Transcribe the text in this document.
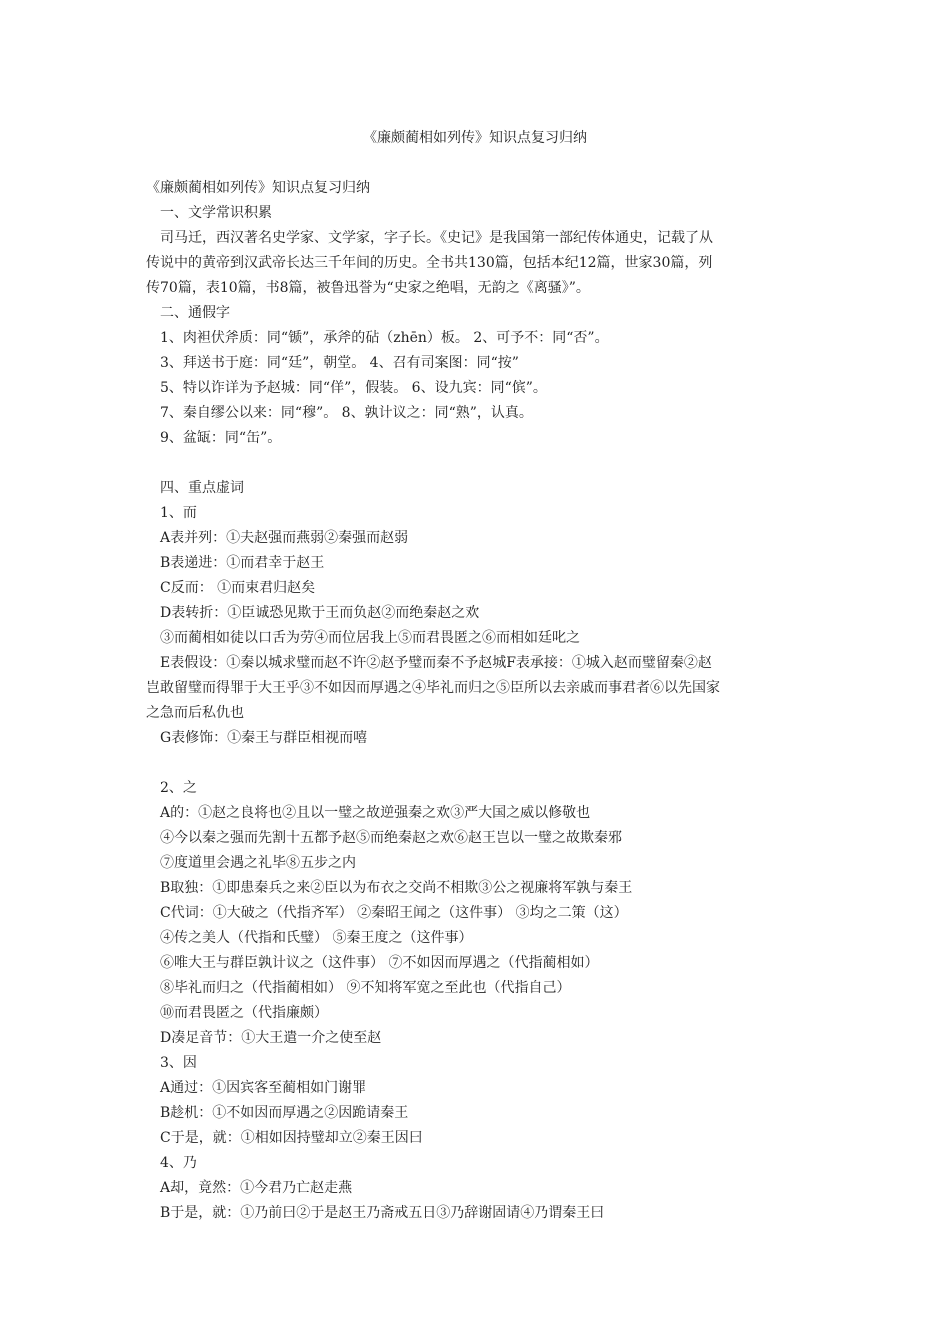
《廉颇蔺相如列传》知识点复习归纳
《廉颇蔺相如列传》知识点复习归纳
一、文学常识积累
司马迁，西汉著名史学家、文学家，字子长。《史记》是我国第一部纪传体通史，记载了从
传说中的黄帝到汉武帝长达三千年间的历史。全书共130篇，包括本纪12篇，世家30篇，列
传70篇，表10篇，书8篇，被鲁迅誉为“史家之绝唱，无韵之《离骚》”。
二、通假字
1、肉袒伏斧质：同“锧”，承斧的砧（zhēn）板。 2、可予不：同“否”。
3、拜送书于庭：同“廷”，朝堂。 4、召有司案图：同“按”
5、特以诈详为予赵城：同“佯”，假装。 6、设九宾：同“傧”。
7、秦自缪公以来：同“穆”。 8、孰计议之：同“熟”，认真。
9、盆缻：同“缶”。
四、重点虚词
1、而
A表并列：①夫赵强而燕弱②秦强而赵弱
B表递进：①而君幸于赵王
C反而： ①而束君归赵矣
D表转折：①臣诚恐见欺于王而负赵②而绝秦赵之欢
③而蔺相如徒以口舌为劳④而位居我上⑤而君畏匿之⑥而相如廷叱之
E表假设：①秦以城求璧而赵不许②赵予璧而秦不予赵城F表承接：①城入赵而璧留秦②赵
岂敢留璧而得罪于大王乎③不如因而厚遇之④毕礼而归之⑤臣所以去亲戚而事君者⑥以先国家
之急而后私仇也
G表修饰：①秦王与群臣相视而嘻
2、之
A的：①赵之良将也②且以一璧之故逆强秦之欢③严大国之威以修敬也
④今以秦之强而先割十五都予赵⑤而绝秦赵之欢⑥赵王岂以一璧之故欺秦邪
⑦度道里会遇之礼毕⑧五步之内
B取独：①即患秦兵之来②臣以为布衣之交尚不相欺③公之视廉将军孰与秦王
C代词：①大破之（代指齐军） ②秦昭王闻之（这件事） ③均之二策（这）
④传之美人（代指和氏璧） ⑤秦王度之（这件事）
⑥唯大王与群臣孰计议之（这件事） ⑦不如因而厚遇之（代指蔺相如）
⑧毕礼而归之（代指蔺相如） ⑨不知将军宽之至此也（代指自己）
⑩而君畏匿之（代指廉颇）
D凑足音节：①大王遣一介之使至赵
3、因
A通过：①因宾客至蔺相如门谢罪
B趁机：①不如因而厚遇之②因跪请秦王
C于是，就：①相如因持璧却立②秦王因曰
4、乃
A却，竟然：①今君乃亡赵走燕
B于是，就：①乃前曰②于是赵王乃斋戒五日③乃辞谢固请④乃谓秦王曰
